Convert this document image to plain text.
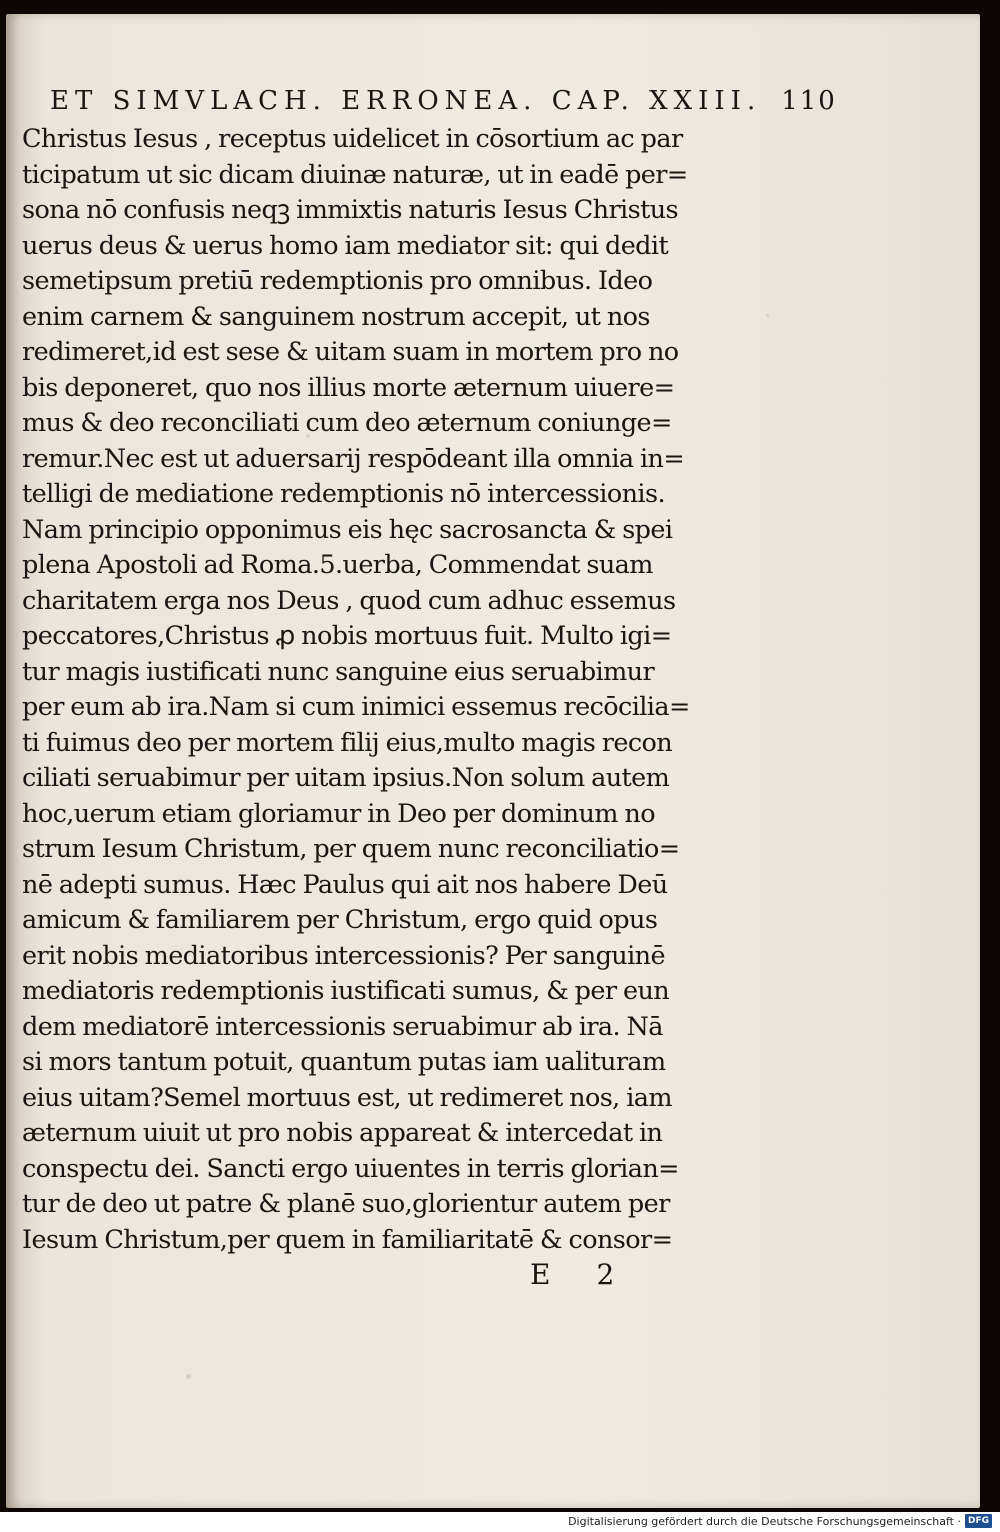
ET SIMVLACH. ERRONEA. CAP. XXIII. 110
Christus Iesus , receptus uidelicet in cōsortium ac par
ticipatum ut sic dicam diuinæ naturæ, ut in eadē per=
sona nō confusis neqꝫ immixtis naturis Iesus Christus
uerus deus & uerus homo iam mediator sit: qui dedit
semetipsum pretiū redemptionis pro omnibus. Ideo
enim carnem & sanguinem nostrum accepit, ut nos
redimeret,id est sese & uitam suam in mortem pro no
bis deponeret, quo nos illius morte æternum uiuere=
mus & deo reconciliati cum deo æternum coniunge=
remur.Nec est ut aduersarij respōdeant illa omnia in=
telligi de mediatione redemptionis nō intercessionis.
Nam principio opponimus eis hęc sacrosancta & spei
plena Apostoli ad Roma.5.uerba, Commendat suam
charitatem erga nos Deus , quod cum adhuc essemus
peccatores,Christus ꝓ nobis mortuus fuit. Multo igi=
tur magis iustificati nunc sanguine eius seruabimur
per eum ab ira.Nam si cum inimici essemus recōcilia=
ti fuimus deo per mortem filij eius,multo magis recon
ciliati seruabimur per uitam ipsius.Non solum autem
hoc,uerum etiam gloriamur in Deo per dominum no
strum Iesum Christum, per quem nunc reconciliatio=
nē adepti sumus. Hæc Paulus qui ait nos habere Deū
amicum & familiarem per Christum, ergo quid opus
erit nobis mediatoribus intercessionis? Per sanguinē
mediatoris redemptionis iustificati sumus, & per eun
dem mediatorē intercessionis seruabimur ab ira. Nā
si mors tantum potuit, quantum putas iam ualituram
eius uitam?Semel mortuus est, ut redimeret nos, iam
æternum uiuit ut pro nobis appareat & intercedat in
conspectu dei. Sancti ergo uiuentes in terris glorian=
tur de deo ut patre & planē suo,glorientur autem per
Iesum Christum,per quem in familiaritatē & consor=
E 2
Digitalisierung gefördert durch die Deutsche Forschungsgemeinschaft · DFG
